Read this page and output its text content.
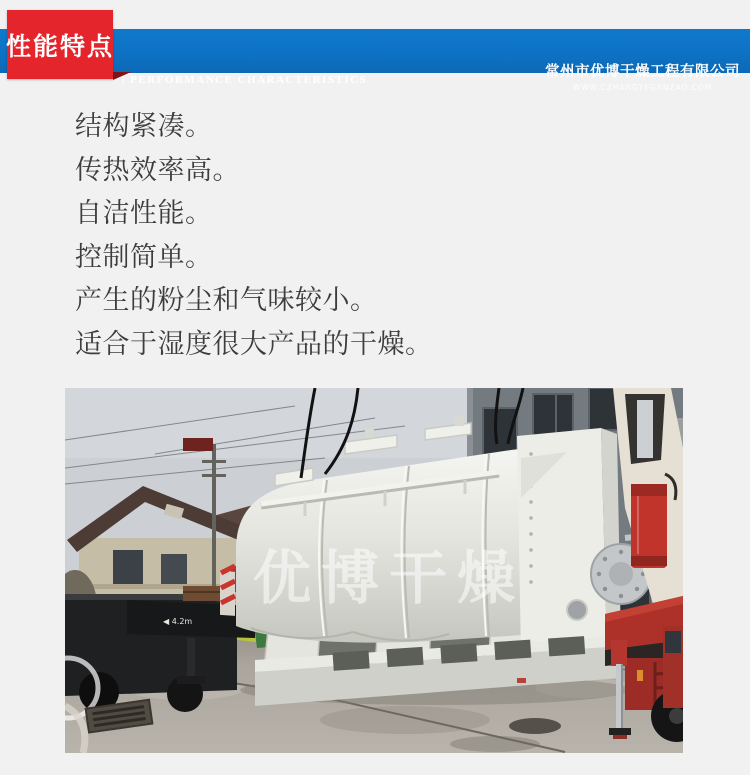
| PERFORMANCE CHARACTERISTICS	常州市优博干燥工程有限公司
WWW.CZHANGYEGANZAO.COM
性能特点
结构紧凑。
传热效率高。
自洁性能。
控制简单。
产生的粉尘和气味较小。
适合于湿度很大产品的干燥。
◀ 4.2m
优博干燥
